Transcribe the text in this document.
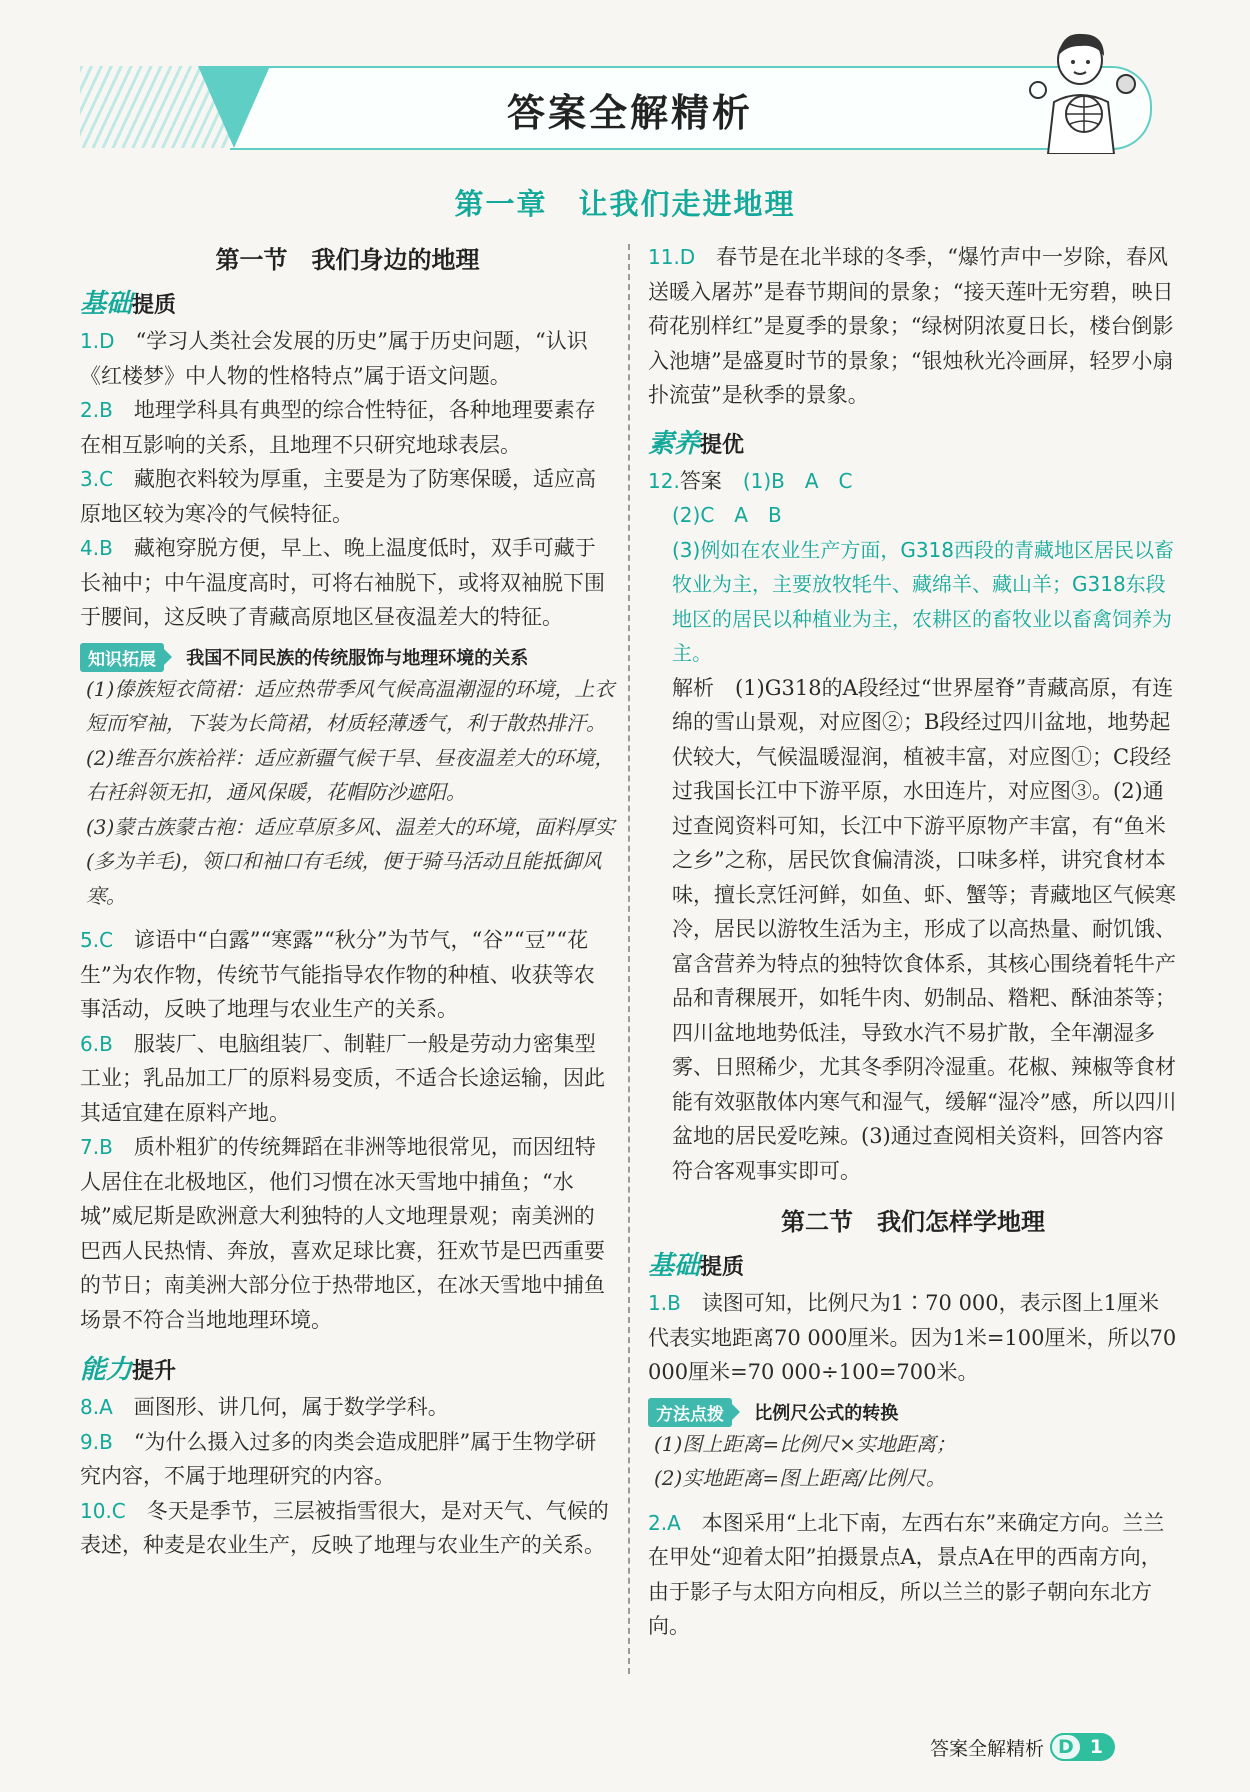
答案全解精析
第一章　让我们走进地理
第一节　我们身边的地理
基础提质

1.D　 “学习人类社会发展的历史”属于历史问题，“认识《红楼梦》中人物的性格特点”属于语文问题。

2.B　 地理学科具有典型的综合性特征，各种地理要素存在相互影响的关系，且地理不只研究地球表层。

3.C　 藏胞衣料较为厚重，主要是为了防寒保暖，适应高原地区较为寒冷的气候特征。

4.B　 藏袍穿脱方便，早上、晚上温度低时，双手可藏于长袖中；中午温度高时，可将右袖脱下，或将双袖脱下围于腰间，这反映了青藏高原地区昼夜温差大的特征。

知识拓展
	我国不同民族的传统服饰与地理环境的关系
(1)傣族短衣筒裙：适应热带季风气候高温潮湿的环境，上衣短而窄袖，下装为长筒裙，材质轻薄透气，利于散热排汗。
(2)维吾尔族袷袢：适应新疆气候干旱、昼夜温差大的环境，右衽斜领无扣，通风保暖，花帽防沙遮阳。
(3)蒙古族蒙古袍：适应草原多风、温差大的环境，面料厚实(多为羊毛)，领口和袖口有毛绒，便于骑马活动且能抵御风寒。

5.C　 谚语中“白露”“寒露”“秋分”为节气，“谷”“豆”“花生”为农作物，传统节气能指导农作物的种植、收获等农事活动，反映了地理与农业生产的关系。

6.B　 服装厂、电脑组装厂、制鞋厂一般是劳动力密集型工业；乳品加工厂的原料易变质，不适合长途运输，因此其适宜建在原料产地。

7.B　 质朴粗犷的传统舞蹈在非洲等地很常见，而因纽特人居住在北极地区，他们习惯在冰天雪地中捕鱼；“水城”威尼斯是欧洲意大利独特的人文地理景观；南美洲的巴西人民热情、奔放，喜欢足球比赛，狂欢节是巴西重要的节日；南美洲大部分位于热带地区，在冰天雪地中捕鱼场景不符合当地地理环境。

能力提升

8.A　 画图形、讲几何，属于数学学科。

9.B　 “为什么摄入过多的肉类会造成肥胖”属于生物学研究内容，不属于地理研究的内容。

10.C　 冬天是季节，三层被指雪很大，是对天气、气候的表述，种麦是农业生产，反映了地理与农业生产的关系。

11.D　 春节是在北半球的冬季，“爆竹声中一岁除，春风送暖入屠苏”是春节期间的景象；“接天莲叶无穷碧，映日荷花别样红”是夏季的景象；“绿树阴浓夏日长，楼台倒影入池塘”是盛夏时节的景象；“银烛秋光冷画屏，轻罗小扇扑流萤”是秋季的景象。

素养提优

12.答案　 (1)B　A　C

(2)C　A　B

(3)例如在农业生产方面，G318西段的青藏地区居民以畜牧业为主，主要放牧牦牛、藏绵羊、藏山羊；G318东段地区的居民以种植业为主，农耕区的畜牧业以畜禽饲养为主。

解析　 (1)G318的A段经过“世界屋脊”青藏高原，有连绵的雪山景观，对应图②；B段经过四川盆地，地势起伏较大，气候温暖湿润，植被丰富，对应图①；C段经过我国长江中下游平原，水田连片，对应图③。(2)通过查阅资料可知，长江中下游平原物产丰富，有“鱼米之乡”之称，居民饮食偏清淡，口味多样，讲究食材本味，擅长烹饪河鲜，如鱼、虾、蟹等；青藏地区气候寒冷，居民以游牧生活为主，形成了以高热量、耐饥饿、富含营养为特点的独特饮食体系，其核心围绕着牦牛产品和青稞展开，如牦牛肉、奶制品、糌粑、酥油茶等；四川盆地地势低洼，导致水汽不易扩散，全年潮湿多雾、日照稀少，尤其冬季阴冷湿重。花椒、辣椒等食材能有效驱散体内寒气和湿气，缓解“湿冷”感，所以四川盆地的居民爱吃辣。(3)通过查阅相关资料，回答内容符合客观事实即可。

第二节　我们怎样学地理
基础提质

1.B　 读图可知，比例尺为1∶70 000，表示图上1厘米代表实地距离70 000厘米。因为1米=100厘米，所以70 000厘米=70 000÷100=700米。

方法点拨
	比例尺公式的转换
(1)图上距离=比例尺×实地距离；
(2)实地距离=图上距离/比例尺。

2.A　 本图采用“上北下南，左西右东”来确定方向。兰兰在甲处“迎着太阳”拍摄景点A，景点A在甲的西南方向，由于影子与太阳方向相反，所以兰兰的影子朝向东北方向。

答案全解精析 D 1
